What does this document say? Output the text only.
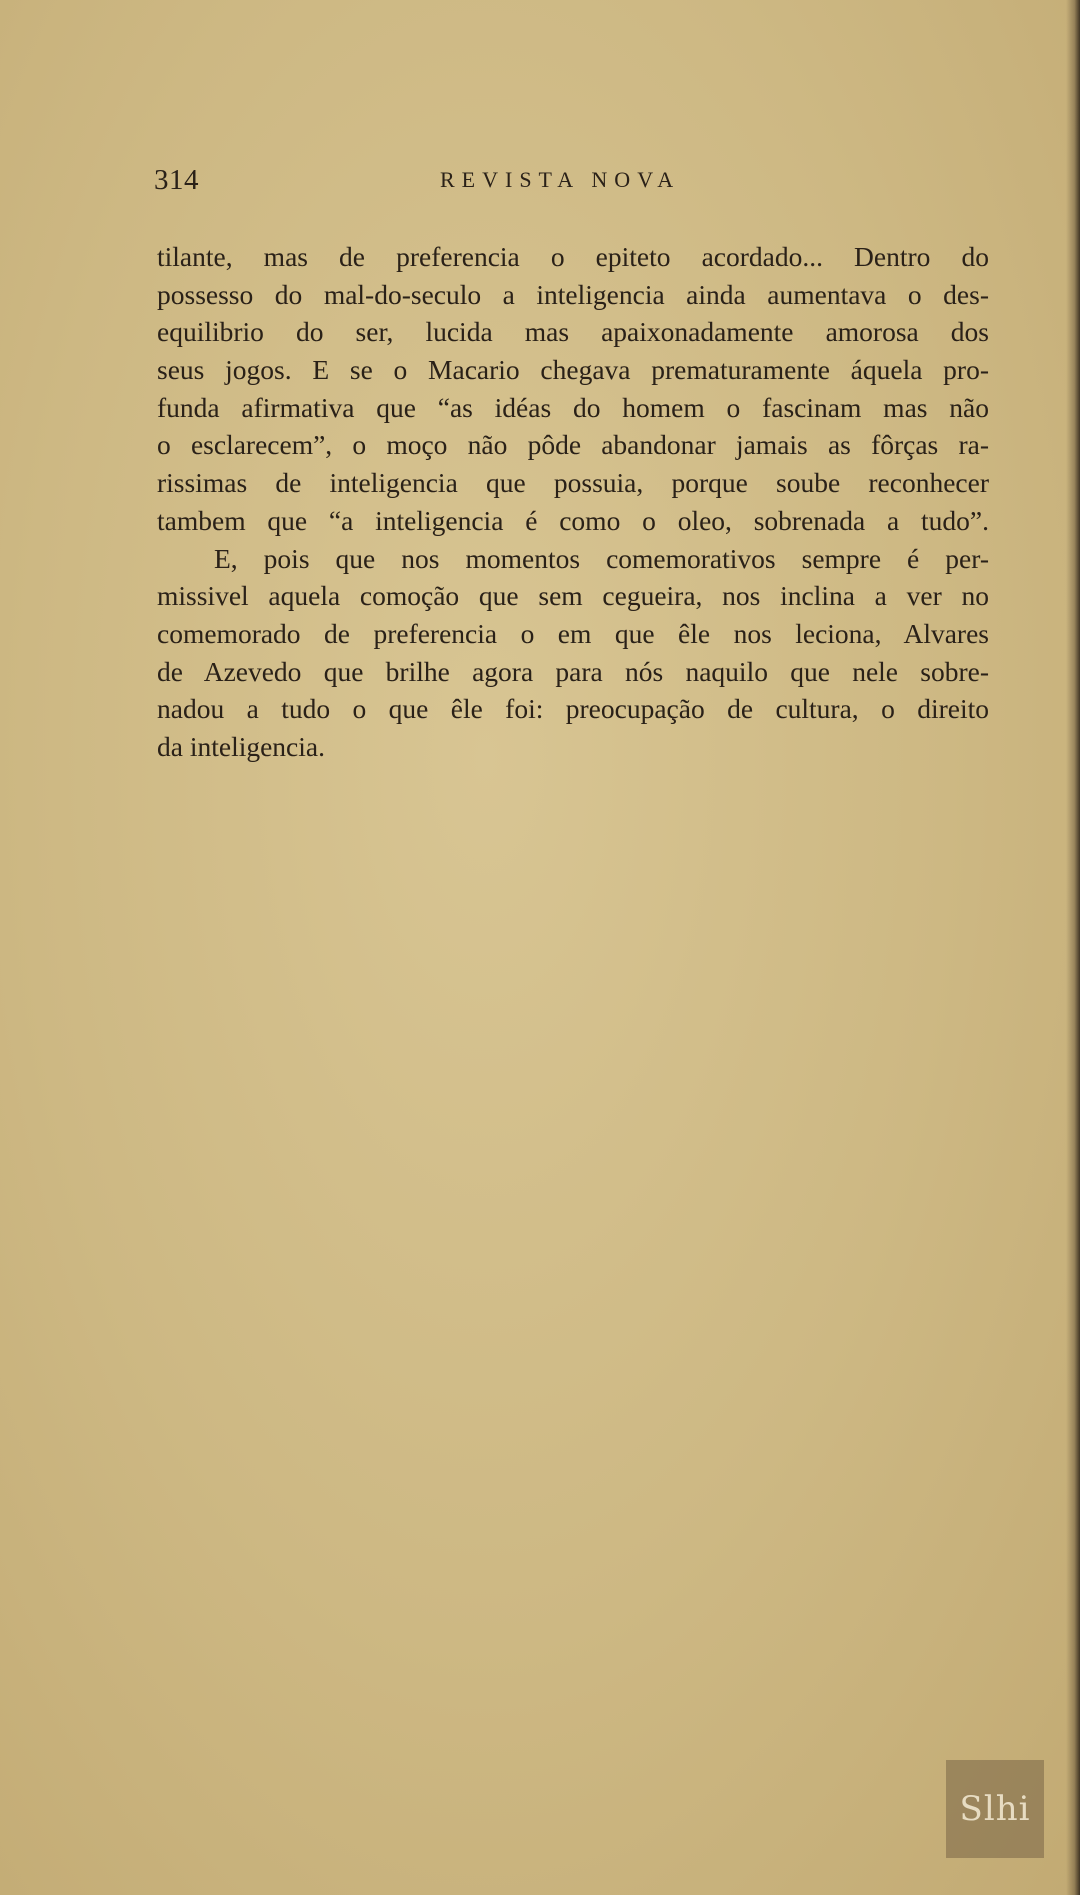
314	REVISTA NOVA
tilante, mas de preferencia o epiteto acordado... Dentro do
possesso do mal-do-seculo a inteligencia ainda aumentava o des-
equilibrio do ser, lucida mas apaixonadamente amorosa dos
seus jogos. E se o Macario chegava prematuramente áquela pro-
funda afirmativa que “as idéas do homem o fascinam mas não
o esclarecem”, o moço não pôde abandonar jamais as fôrças ra-
rissimas de inteligencia que possuia, porque soube reconhecer
tambem que “a inteligencia é como o oleo, sobrenada a tudo”.
E, pois que nos momentos comemorativos sempre é per-
missivel aquela comoção que sem cegueira, nos inclina a ver no
comemorado de preferencia o em que êle nos leciona, Alvares
de Azevedo que brilhe agora para nós naquilo que nele sobre-
nadou a tudo o que êle foi: preocupação de cultura, o direito
da inteligencia.
Slhi
